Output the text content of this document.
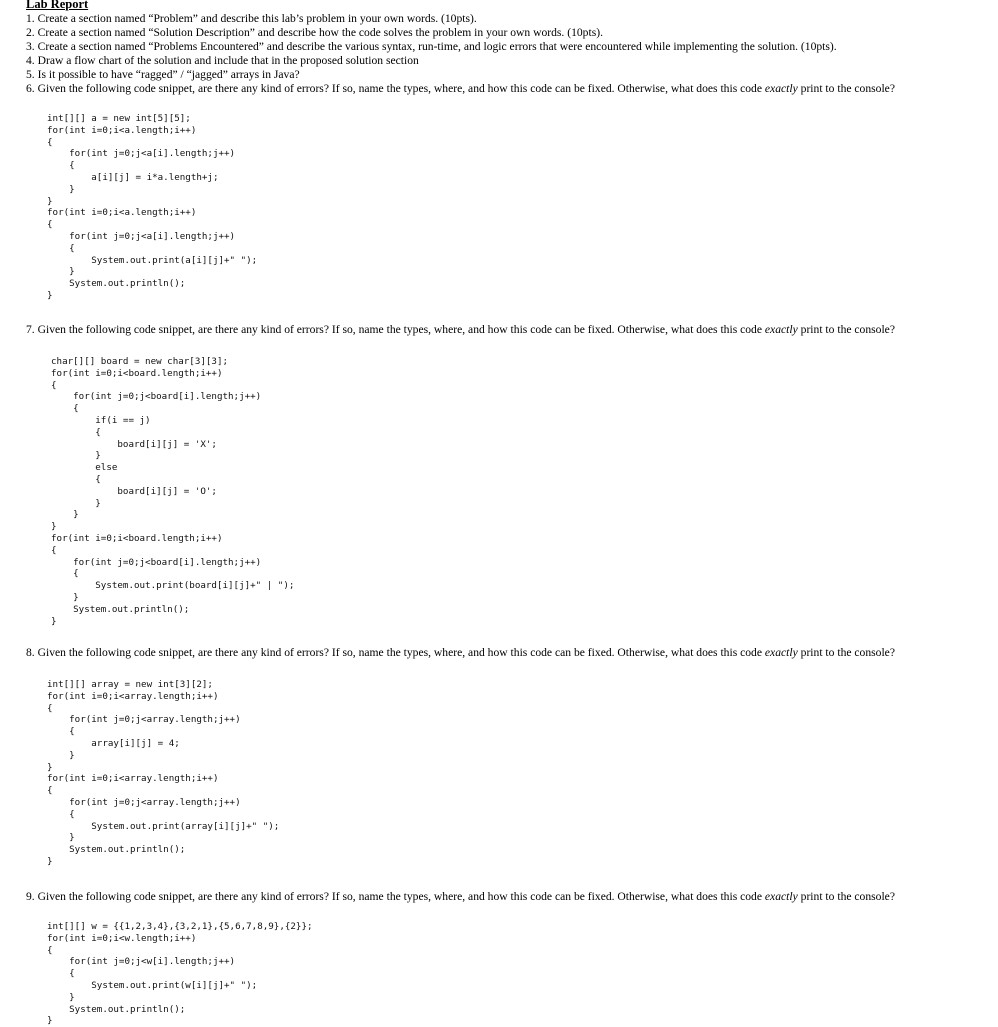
Lab Report
1. Create a section named “Problem” and describe this lab’s problem in your own words. (10pts).
2. Create a section named “Solution Description” and describe how the code solves the problem in your own words. (10pts).
3. Create a section named “Problems Encountered” and describe the various syntax, run-time, and logic errors that were encountered while implementing the solution. (10pts).
4. Draw a flow chart of the solution and include that in the proposed solution section
5. Is it possible to have “ragged” / “jagged” arrays in Java?
6. Given the following code snippet, are there any kind of errors? If so, name the types, where, and how this code can be fixed. Otherwise, what does this code exactly print to the console?
int[][] a = new int[5][5];
for(int i=0;i<a.length;i++)
{
for(int j=0;j<a[i].length;j++)
{
a[i][j] = i*a.length+j;
}
}
for(int i=0;i<a.length;i++)
{
for(int j=0;j<a[i].length;j++)
{
System.out.print(a[i][j]+" ");
}
System.out.println();
}
7. Given the following code snippet, are there any kind of errors? If so, name the types, where, and how this code can be fixed. Otherwise, what does this code exactly print to the console?
char[][] board = new char[3][3];
for(int i=0;i<board.length;i++)
{
for(int j=0;j<board[i].length;j++)
{
if(i == j)
{
board[i][j] = 'X';
}
else
{
board[i][j] = 'O';
}
}
}
for(int i=0;i<board.length;i++)
{
for(int j=0;j<board[i].length;j++)
{
System.out.print(board[i][j]+" | ");
}
System.out.println();
}
8. Given the following code snippet, are there any kind of errors? If so, name the types, where, and how this code can be fixed. Otherwise, what does this code exactly print to the console?
int[][] array = new int[3][2];
for(int i=0;i<array.length;i++)
{
for(int j=0;j<array.length;j++)
{
array[i][j] = 4;
}
}
for(int i=0;i<array.length;i++)
{
for(int j=0;j<array.length;j++)
{
System.out.print(array[i][j]+" ");
}
System.out.println();
}
9. Given the following code snippet, are there any kind of errors? If so, name the types, where, and how this code can be fixed. Otherwise, what does this code exactly print to the console?
int[][] w = {{1,2,3,4},{3,2,1},{5,6,7,8,9},{2}};
for(int i=0;i<w.length;i++)
{
for(int j=0;j<w[i].length;j++)
{
System.out.print(w[i][j]+" ");
}
System.out.println();
}
